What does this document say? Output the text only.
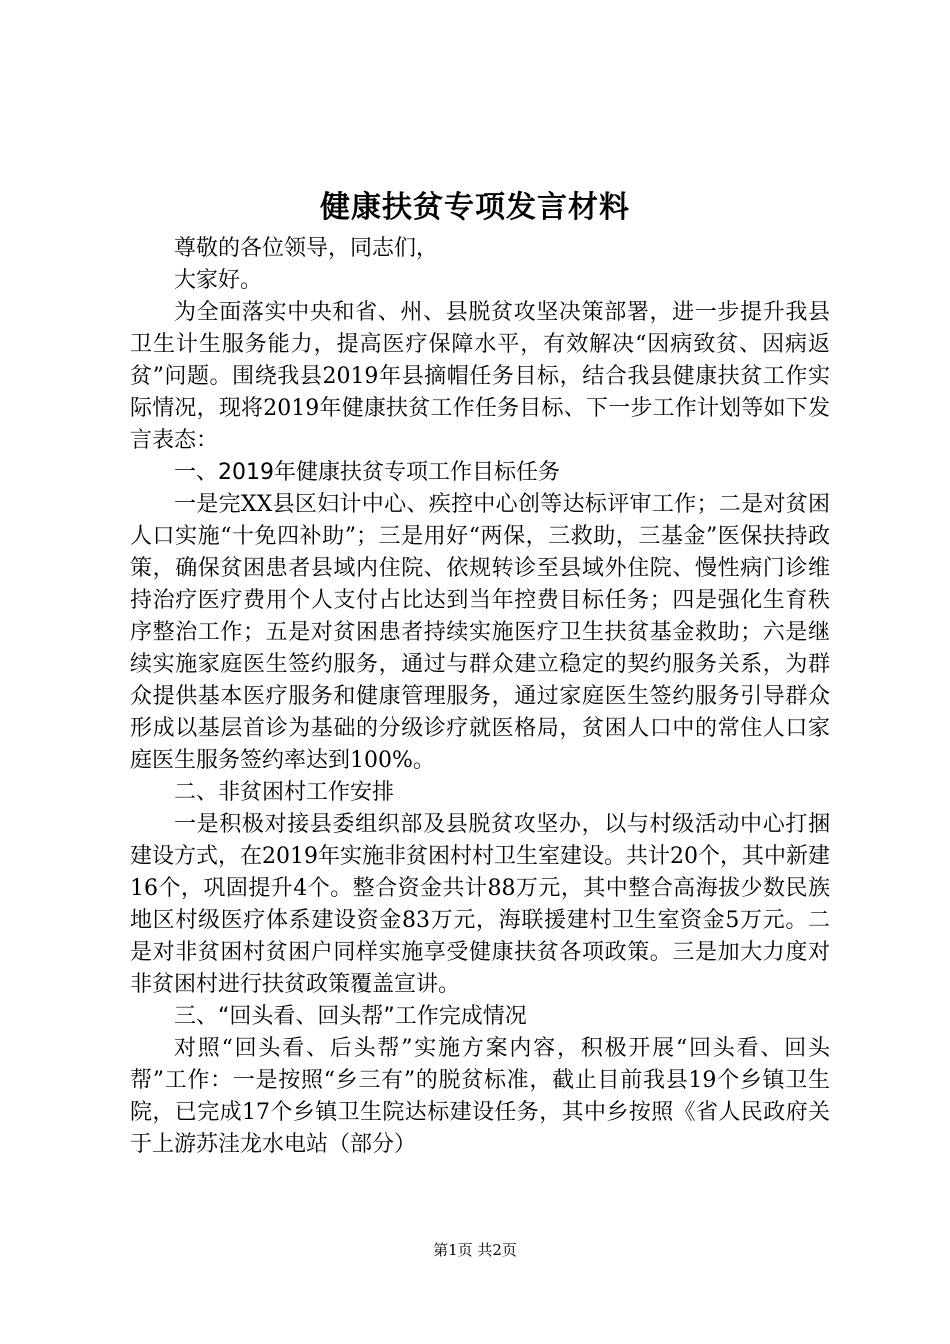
健康扶贫专项发言材料

尊敬的各位领导，同志们，

大家好。

为全面落实中央和省、州、县脱贫攻坚决策部署，进一步提升我县卫生计生服务能力，提高医疗保障水平，有效解决“因病致贫、因病返贫”问题。围绕我县2019年县摘帽任务目标，结合我县健康扶贫工作实际情况，现将2019年健康扶贫工作任务目标、下一步工作计划等如下发言表态：

一、2019年健康扶贫专项工作目标任务

一是完XX县区妇计中心、疾控中心创等达标评审工作；二是对贫困人口实施“十免四补助”；三是用好“两保，三救助，三基金”医保扶持政策，确保贫困患者县域内住院、依规转诊至县域外住院、慢性病门诊维持治疗医疗费用个人支付占比达到当年控费目标任务；四是强化生育秩序整治工作；五是对贫困患者持续实施医疗卫生扶贫基金救助；六是继续实施家庭医生签约服务，通过与群众建立稳定的契约服务关系，为群众提供基本医疗服务和健康管理服务，通过家庭医生签约服务引导群众形成以基层首诊为基础的分级诊疗就医格局，贫困人口中的常住人口家庭医生服务签约率达到100%。

二、非贫困村工作安排

一是积极对接县委组织部及县脱贫攻坚办，以与村级活动中心打捆建设方式，在2019年实施非贫困村村卫生室建设。共计20个，其中新建16个，巩固提升4个。整合资金共计88万元，其中整合高海拔少数民族地区村级医疗体系建设资金83万元，海联援建村卫生室资金5万元。二是对非贫困村贫困户同样实施享受健康扶贫各项政策。三是加大力度对非贫困村进行扶贫政策覆盖宣讲。

三、“回头看、回头帮”工作完成情况

对照“回头看、后头帮”实施方案内容，积极开展“回头看、回头帮”工作：一是按照“乡三有”的脱贫标准，截止目前我县19个乡镇卫生院，已完成17个乡镇卫生院达标建设任务，其中乡按照《省人民政府关于上游苏洼龙水电站（部分）

第1页 共2页
